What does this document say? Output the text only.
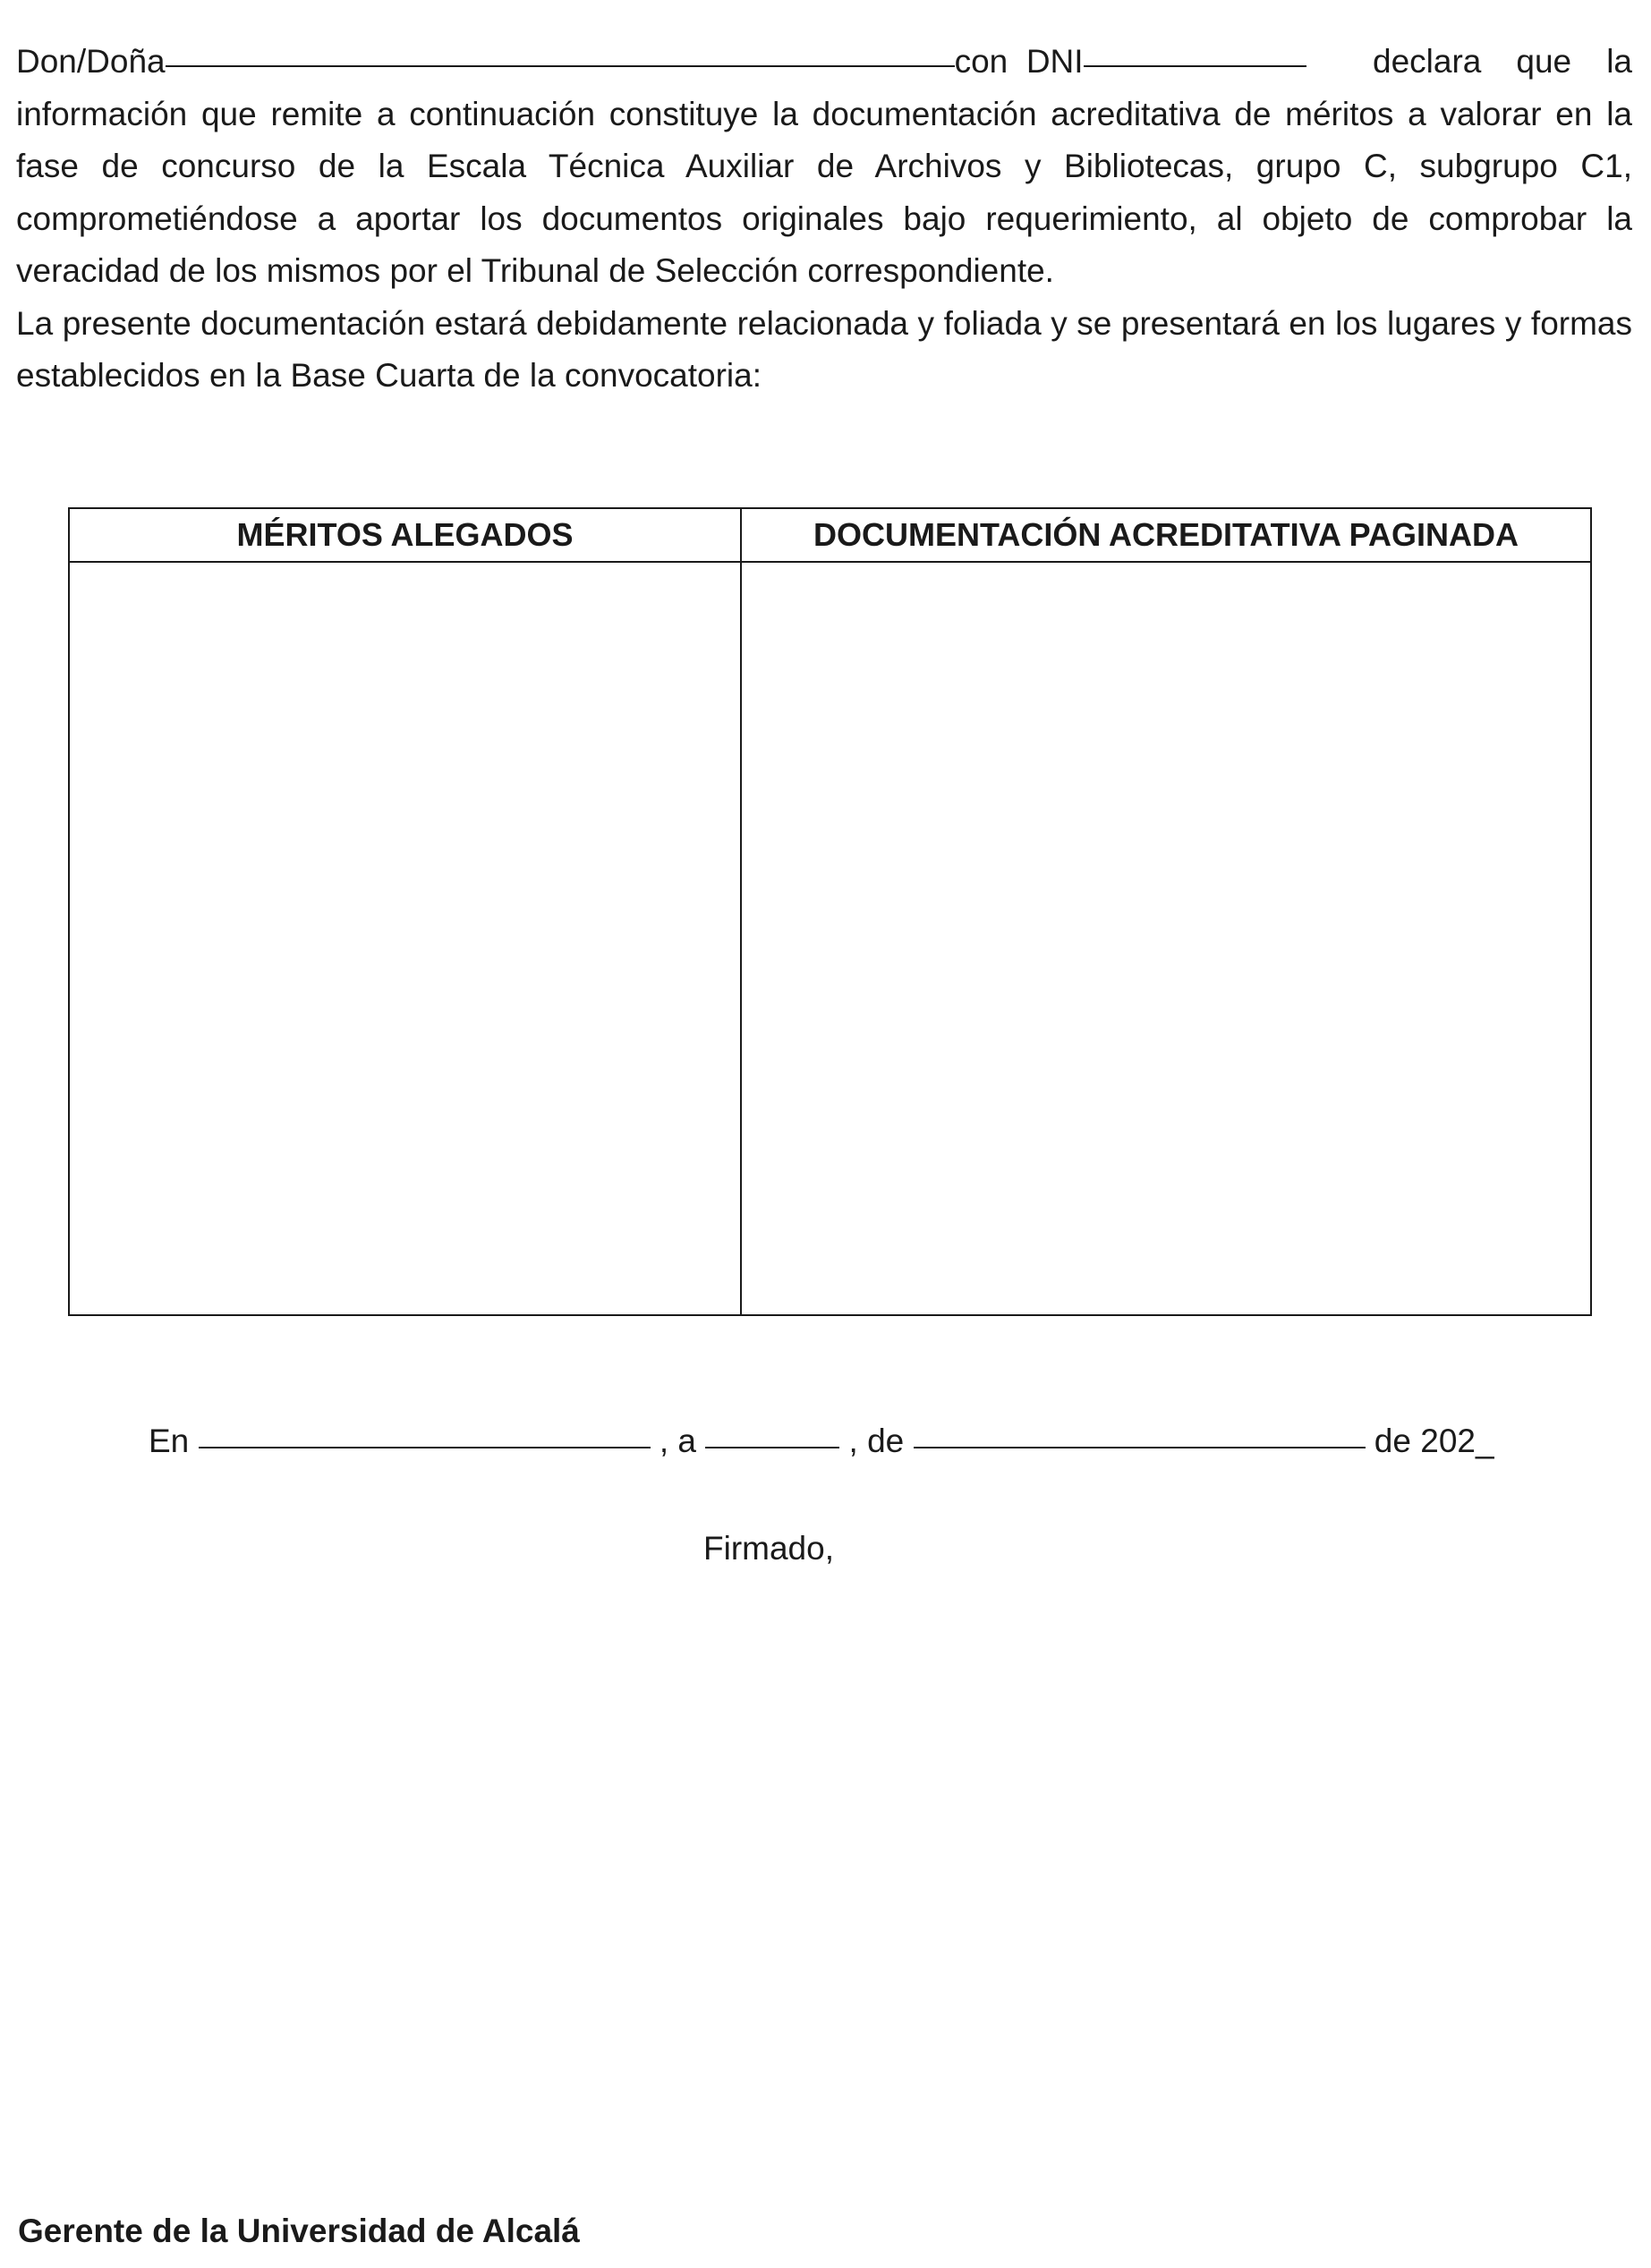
Don/Doña	con  DNI	declara que la

información que remite a continuación constituye la documentación acreditativa de méritos a valorar en la fase de concurso de la Escala Técnica Auxiliar de Archivos y Bibliotecas, grupo C, subgrupo C1, comprometiéndose a aportar los documentos originales bajo requerimiento, al objeto de comprobar la veracidad de los mismos por el Tribunal de Selección correspondiente.

La presente documentación estará debidamente relacionada y foliada y se presentará en los lugares y formas establecidos en la Base Cuarta de la convocatoria:

MÉRITOS ALEGADOS	DOCUMENTACIÓN ACREDITATIVA PAGINADA

En	, a	, de	de 202_
Firmado,
Gerente de la Universidad de Alcalá
